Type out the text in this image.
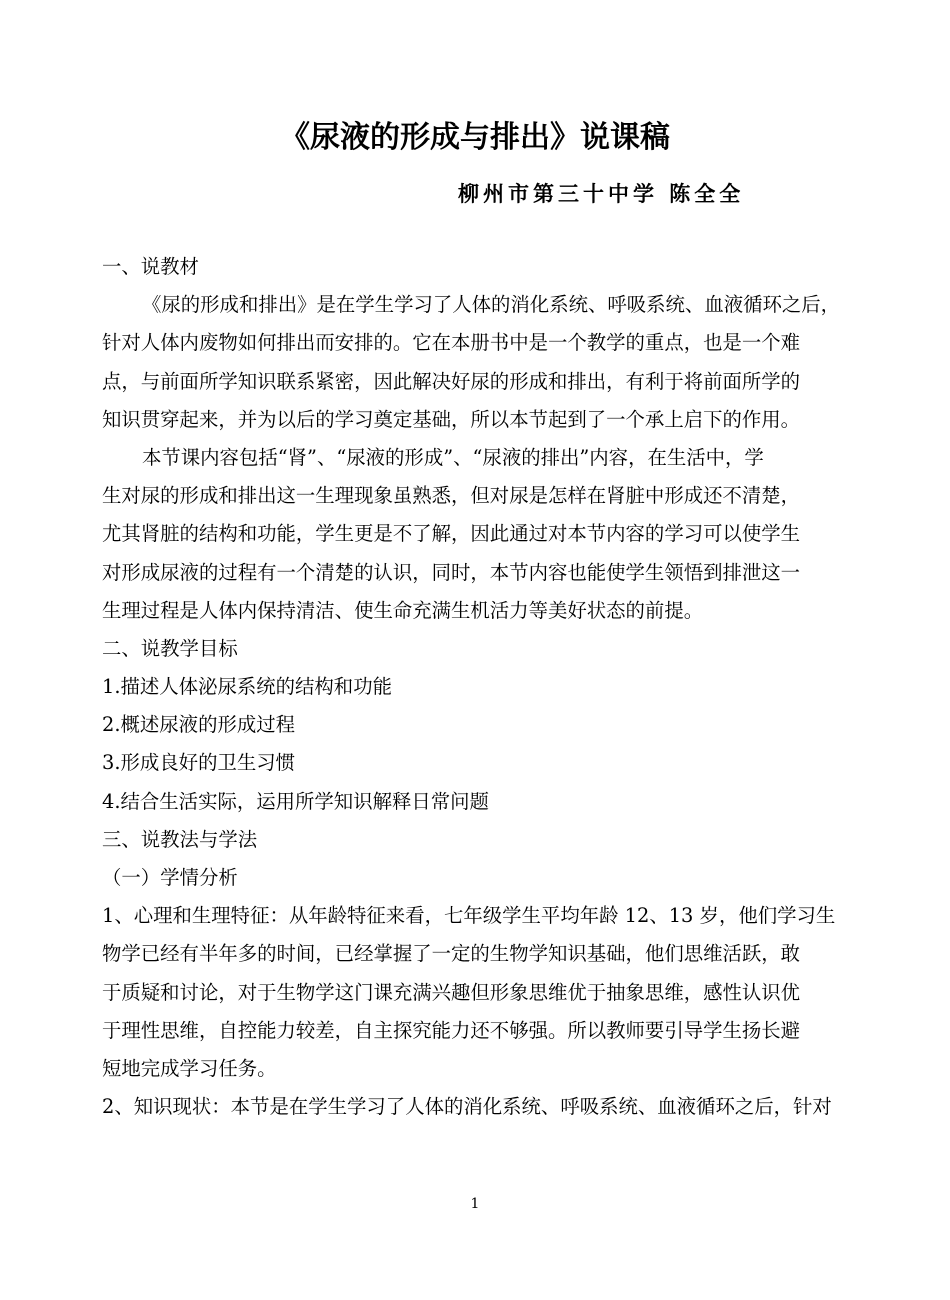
《尿液的形成与排出》说课稿
柳州市第三十中学 陈全全
一、说教材
《尿的形成和排出》是在学生学习了人体的消化系统、呼吸系统、血液循环之后，
针对人体内废物如何排出而安排的。它在本册书中是一个教学的重点，也是一个难
点，与前面所学知识联系紧密，因此解决好尿的形成和排出，有利于将前面所学的
知识贯穿起来，并为以后的学习奠定基础，所以本节起到了一个承上启下的作用。
本节课内容包括“肾”、“尿液的形成”、“尿液的排出”内容，在生活中，学
生对尿的形成和排出这一生理现象虽熟悉，但对尿是怎样在肾脏中形成还不清楚，
尤其肾脏的结构和功能，学生更是不了解，因此通过对本节内容的学习可以使学生
对形成尿液的过程有一个清楚的认识，同时，本节内容也能使学生领悟到排泄这一
生理过程是人体内保持清洁、使生命充满生机活力等美好状态的前提。
二、说教学目标
1.描述人体泌尿系统的结构和功能
2.概述尿液的形成过程
3.形成良好的卫生习惯
4.结合生活实际，运用所学知识解释日常问题
三、说教法与学法
（一）学情分析
1、心理和生理特征：从年龄特征来看，七年级学生平均年龄 12、13 岁，他们学习生
物学已经有半年多的时间，已经掌握了一定的生物学知识基础，他们思维活跃，敢
于质疑和讨论，对于生物学这门课充满兴趣但形象思维优于抽象思维，感性认识优
于理性思维，自控能力较差，自主探究能力还不够强。所以教师要引导学生扬长避
短地完成学习任务。
2、知识现状：本节是在学生学习了人体的消化系统、呼吸系统、血液循环之后，针对
1
